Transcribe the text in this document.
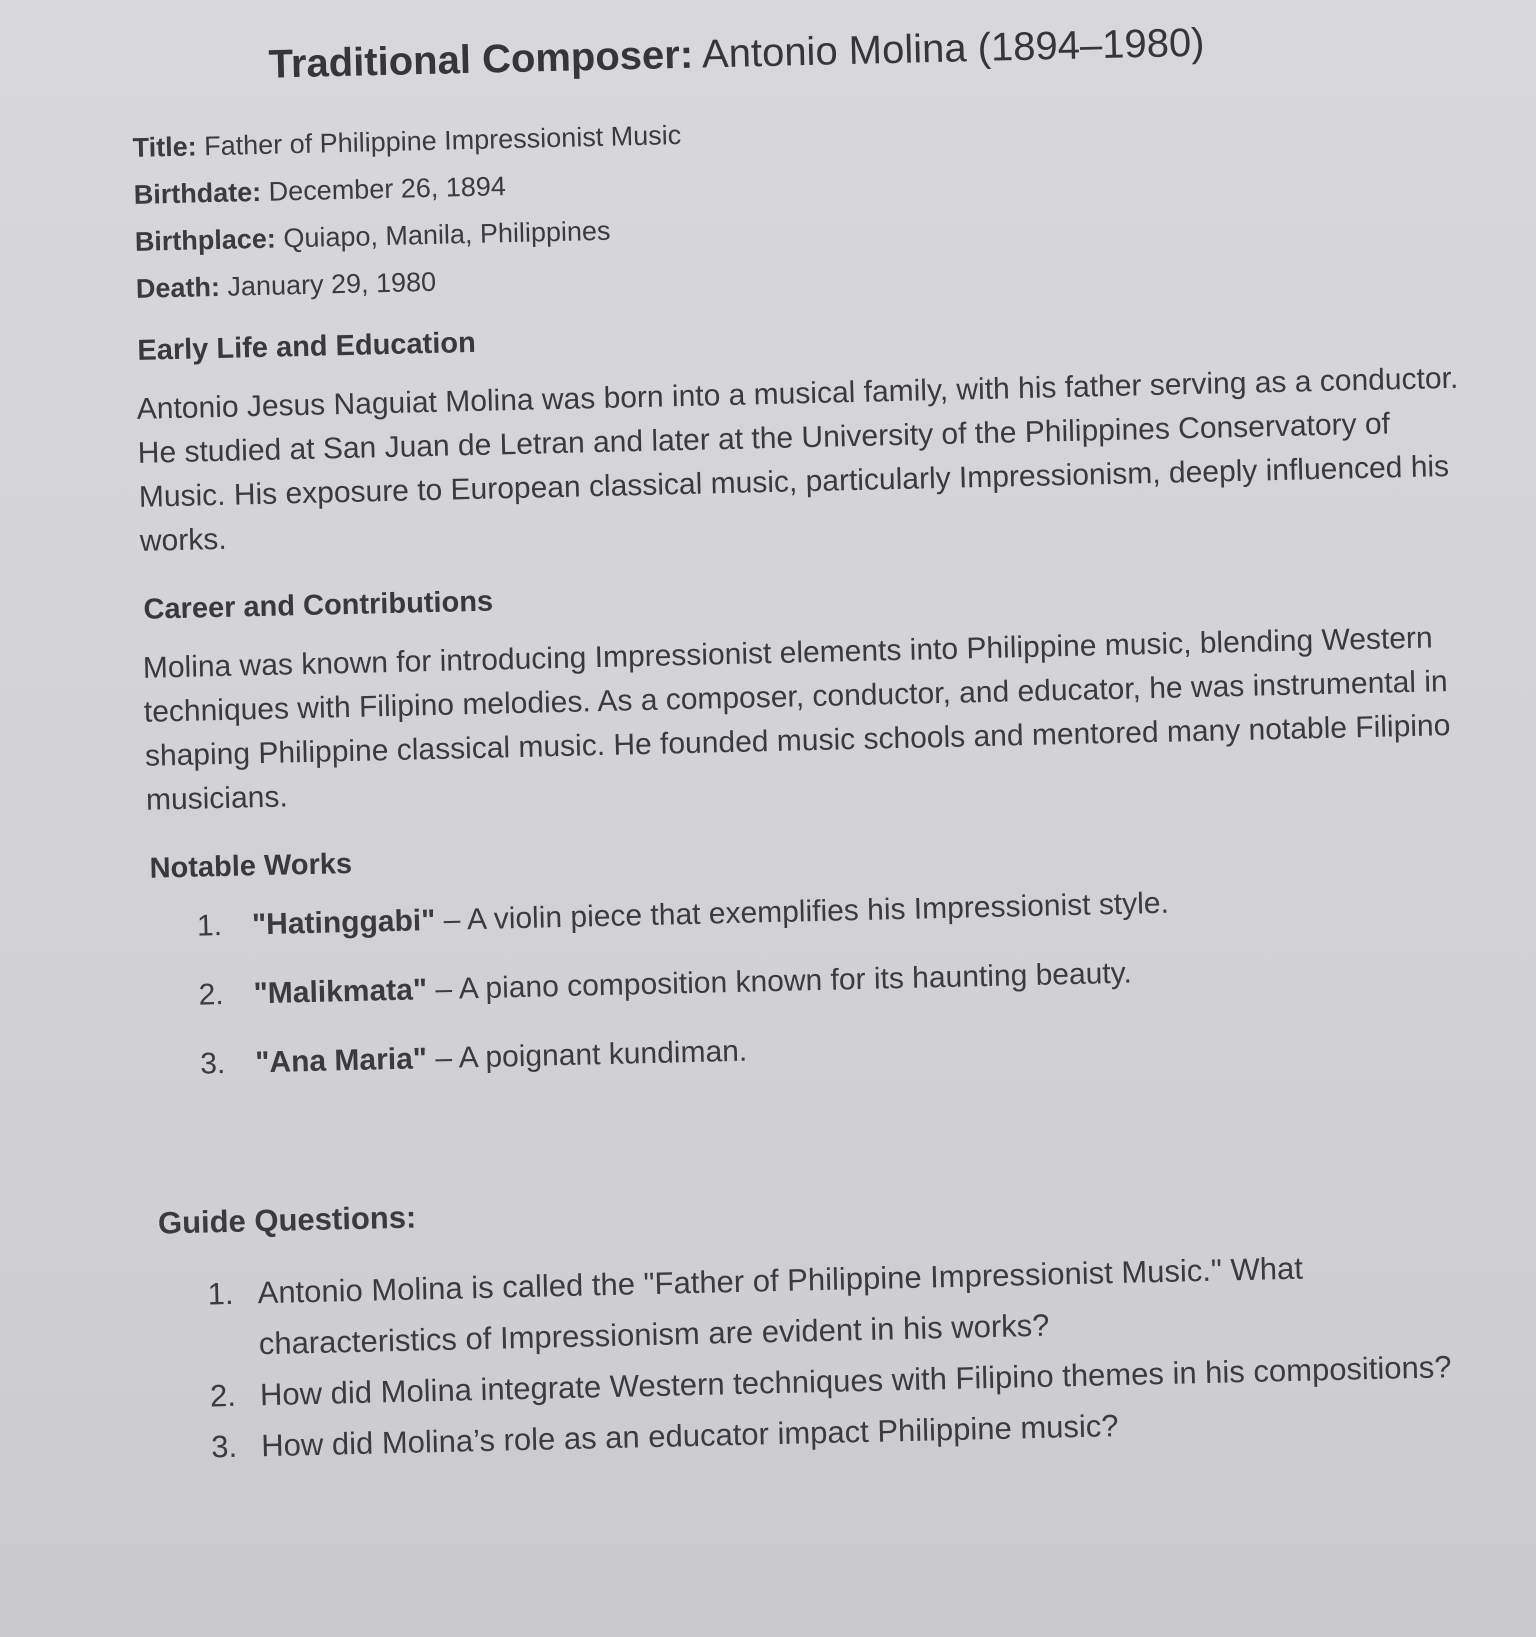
Traditional Composer: Antonio Molina (1894–1980)
Title: Father of Philippine Impressionist Music
Birthdate: December 26, 1894
Birthplace: Quiapo, Manila, Philippines
Death: January 29, 1980
Early Life and Education

Antonio Jesus Naguiat Molina was born into a musical family, with his father serving as a conductor. He studied at San Juan de Letran and later at the University of the Philippines Conservatory of Music. His exposure to European classical music, particularly Impressionism, deeply influenced his works.

Career and Contributions

Molina was known for introducing Impressionist elements into Philippine music, blending Western techniques with Filipino melodies. As a composer, conductor, and educator, he was instrumental in shaping Philippine classical music. He founded music schools and mentored many notable Filipino musicians.

Notable Works
1. "Hatinggabi" – A violin piece that exemplifies his Impressionist style.
2. "Malikmata" – A piano composition known for its haunting beauty.
3. "Ana Maria" – A poignant kundiman.
Guide Questions:
1. Antonio Molina is called the "Father of Philippine Impressionist Music." What characteristics of Impressionism are evident in his works?
2. How did Molina integrate Western techniques with Filipino themes in his compositions?
3. How did Molina’s role as an educator impact Philippine music?
